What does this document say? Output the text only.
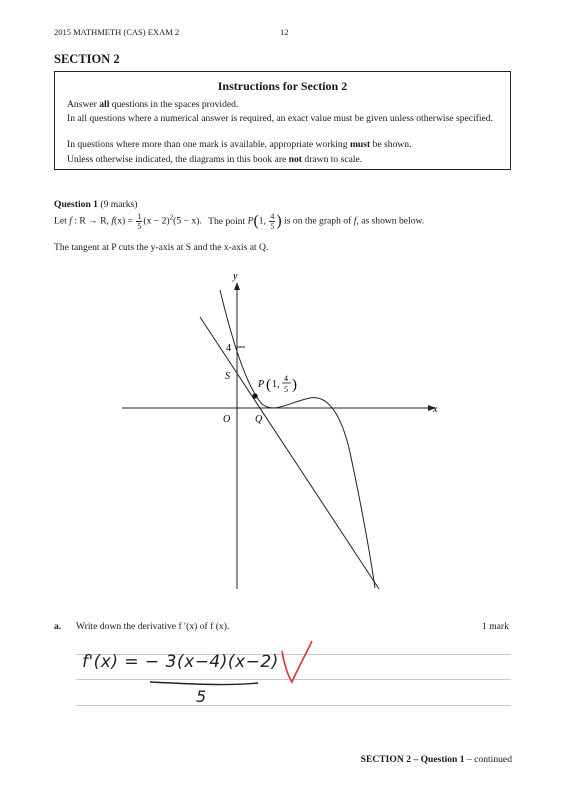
2015 MATHMETH (CAS) EXAM 2	12
SECTION 2
Instructions for Section 2
Answer all questions in the spaces provided.
In all questions where a numerical answer is required, an exact value must be given unless otherwise specified.
In questions where more than one mark is available, appropriate working must be shown.
Unless otherwise indicated, the diagrams in this book are not drawn to scale.
Question 1 (9 marks)
Let f : R → R, $f(x) = \frac{1}{5} (x - 2)^2(5 - x)$. The point P(1, $\frac{4}{5}$ ) is on the graph of f, as shown below.
The tangent at P cuts the y-axis at S and the x-axis at Q.
y
x
O
4
S
Q
P ( 1,
4
5 )
a. Write down the derivative f ′(x) of f (x).	1 mark
f'(x) = − 3(x−4)(x−2)
5
SECTION 2 – Question 1 – continued
